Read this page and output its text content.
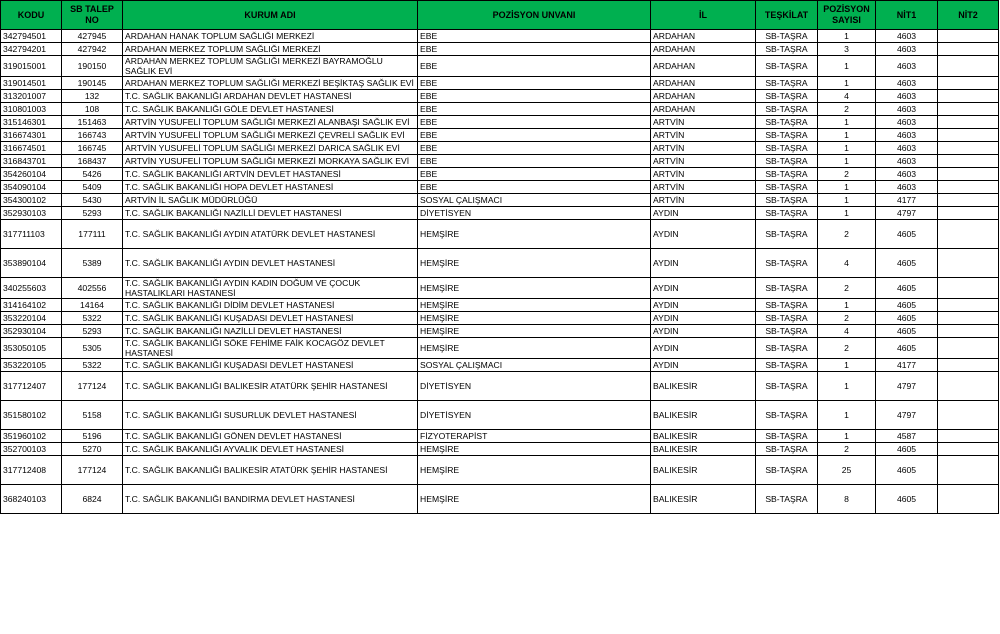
KODU	SB TALEP NO	KURUM ADI	POZİSYON UNVANI	İL	TEŞKİLAT	POZİSYON SAYISI	NİT1	NİT2
342794501	427945	ARDAHAN HANAK TOPLUM SAĞLIĞI MERKEZİ	EBE	ARDAHAN	SB-TAŞRA	1	4603	
342794201	427942	ARDAHAN MERKEZ TOPLUM SAĞLIĞI MERKEZİ	EBE	ARDAHAN	SB-TAŞRA	3	4603	
319015001	190150	ARDAHAN MERKEZ TOPLUM SAĞLIĞI MERKEZİ BAYRAMOĞLU SAĞLIK EVİ	EBE	ARDAHAN	SB-TAŞRA	1	4603	
319014501	190145	ARDAHAN MERKEZ TOPLUM SAĞLIĞI MERKEZİ BEŞİKTAŞ SAĞLIK EVİ	EBE	ARDAHAN	SB-TAŞRA	1	4603	
313201007	132	T.C. SAĞLIK BAKANLIĞI ARDAHAN DEVLET HASTANESİ	EBE	ARDAHAN	SB-TAŞRA	4	4603	
310801003	108	T.C. SAĞLIK BAKANLIĞI GÖLE DEVLET HASTANESİ	EBE	ARDAHAN	SB-TAŞRA	2	4603	
315146301	151463	ARTVİN YUSUFELİ TOPLUM SAĞLIĞI MERKEZİ ALANBAŞI SAĞLIK EVİ	EBE	ARTVİN	SB-TAŞRA	1	4603	
316674301	166743	ARTVİN YUSUFELİ TOPLUM SAĞLIĞI MERKEZİ ÇEVRELİ SAĞLIK EVİ	EBE	ARTVİN	SB-TAŞRA	1	4603	
316674501	166745	ARTVİN YUSUFELİ TOPLUM SAĞLIĞI MERKEZİ DARICA SAĞLIK EVİ	EBE	ARTVİN	SB-TAŞRA	1	4603	
316843701	168437	ARTVİN YUSUFELİ TOPLUM SAĞLIĞI MERKEZİ MORKAYA SAĞLIK EVİ	EBE	ARTVİN	SB-TAŞRA	1	4603	
354260104	5426	T.C. SAĞLIK BAKANLIĞI ARTVİN DEVLET HASTANESİ	EBE	ARTVİN	SB-TAŞRA	2	4603	
354090104	5409	T.C. SAĞLIK BAKANLIĞI HOPA DEVLET HASTANESİ	EBE	ARTVİN	SB-TAŞRA	1	4603	
354300102	5430	ARTVİN İL SAĞLIK MÜDÜRLÜĞÜ	SOSYAL ÇALIŞMACI	ARTVİN	SB-TAŞRA	1	4177	
352930103	5293	T.C. SAĞLIK BAKANLIĞI NAZİLLİ DEVLET HASTANESİ	DİYETİSYEN	AYDIN	SB-TAŞRA	1	4797	
317711103	177111	T.C. SAĞLIK BAKANLIĞI AYDIN ATATÜRK DEVLET HASTANESİ	HEMŞİRE	AYDIN	SB-TAŞRA	2	4605	
353890104	5389	T.C. SAĞLIK BAKANLIĞI AYDIN DEVLET HASTANESİ	HEMŞİRE	AYDIN	SB-TAŞRA	4	4605	
340255603	402556	T.C. SAĞLIK BAKANLIĞI AYDIN KADIN DOĞUM VE ÇOCUK HASTALIKLARI HASTANESİ	HEMŞİRE	AYDIN	SB-TAŞRA	2	4605	
314164102	14164	T.C. SAĞLIK BAKANLIĞI DİDİM DEVLET HASTANESİ	HEMŞİRE	AYDIN	SB-TAŞRA	1	4605	
353220104	5322	T.C. SAĞLIK BAKANLIĞI KUŞADASI DEVLET HASTANESİ	HEMŞİRE	AYDIN	SB-TAŞRA	2	4605	
352930104	5293	T.C. SAĞLIK BAKANLIĞI NAZİLLİ DEVLET HASTANESİ	HEMŞİRE	AYDIN	SB-TAŞRA	4	4605	
353050105	5305	T.C. SAĞLIK BAKANLIĞI SÖKE FEHİME FAİK KOCAGÖZ DEVLET HASTANESİ	HEMŞİRE	AYDIN	SB-TAŞRA	2	4605	
353220105	5322	T.C. SAĞLIK BAKANLIĞI KUŞADASI DEVLET HASTANESİ	SOSYAL ÇALIŞMACI	AYDIN	SB-TAŞRA	1	4177	
317712407	177124	T.C. SAĞLIK BAKANLIĞI BALIKESİR ATATÜRK ŞEHİR HASTANESİ	DİYETİSYEN	BALIKESİR	SB-TAŞRA	1	4797	
351580102	5158	T.C. SAĞLIK BAKANLIĞI SUSURLUK DEVLET HASTANESİ	DİYETİSYEN	BALIKESİR	SB-TAŞRA	1	4797	
351960102	5196	T.C. SAĞLIK BAKANLIĞI GÖNEN DEVLET HASTANESİ	FİZYOTERAPİST	BALIKESİR	SB-TAŞRA	1	4587	
352700103	5270	T.C. SAĞLIK BAKANLIĞI AYVALIK DEVLET HASTANESİ	HEMŞİRE	BALIKESİR	SB-TAŞRA	2	4605	
317712408	177124	T.C. SAĞLIK BAKANLIĞI BALIKESİR ATATÜRK ŞEHİR HASTANESİ	HEMŞİRE	BALIKESİR	SB-TAŞRA	25	4605	
368240103	6824	T.C. SAĞLIK BAKANLIĞI BANDIRMA DEVLET HASTANESİ	HEMŞİRE	BALIKESİR	SB-TAŞRA	8	4605	
